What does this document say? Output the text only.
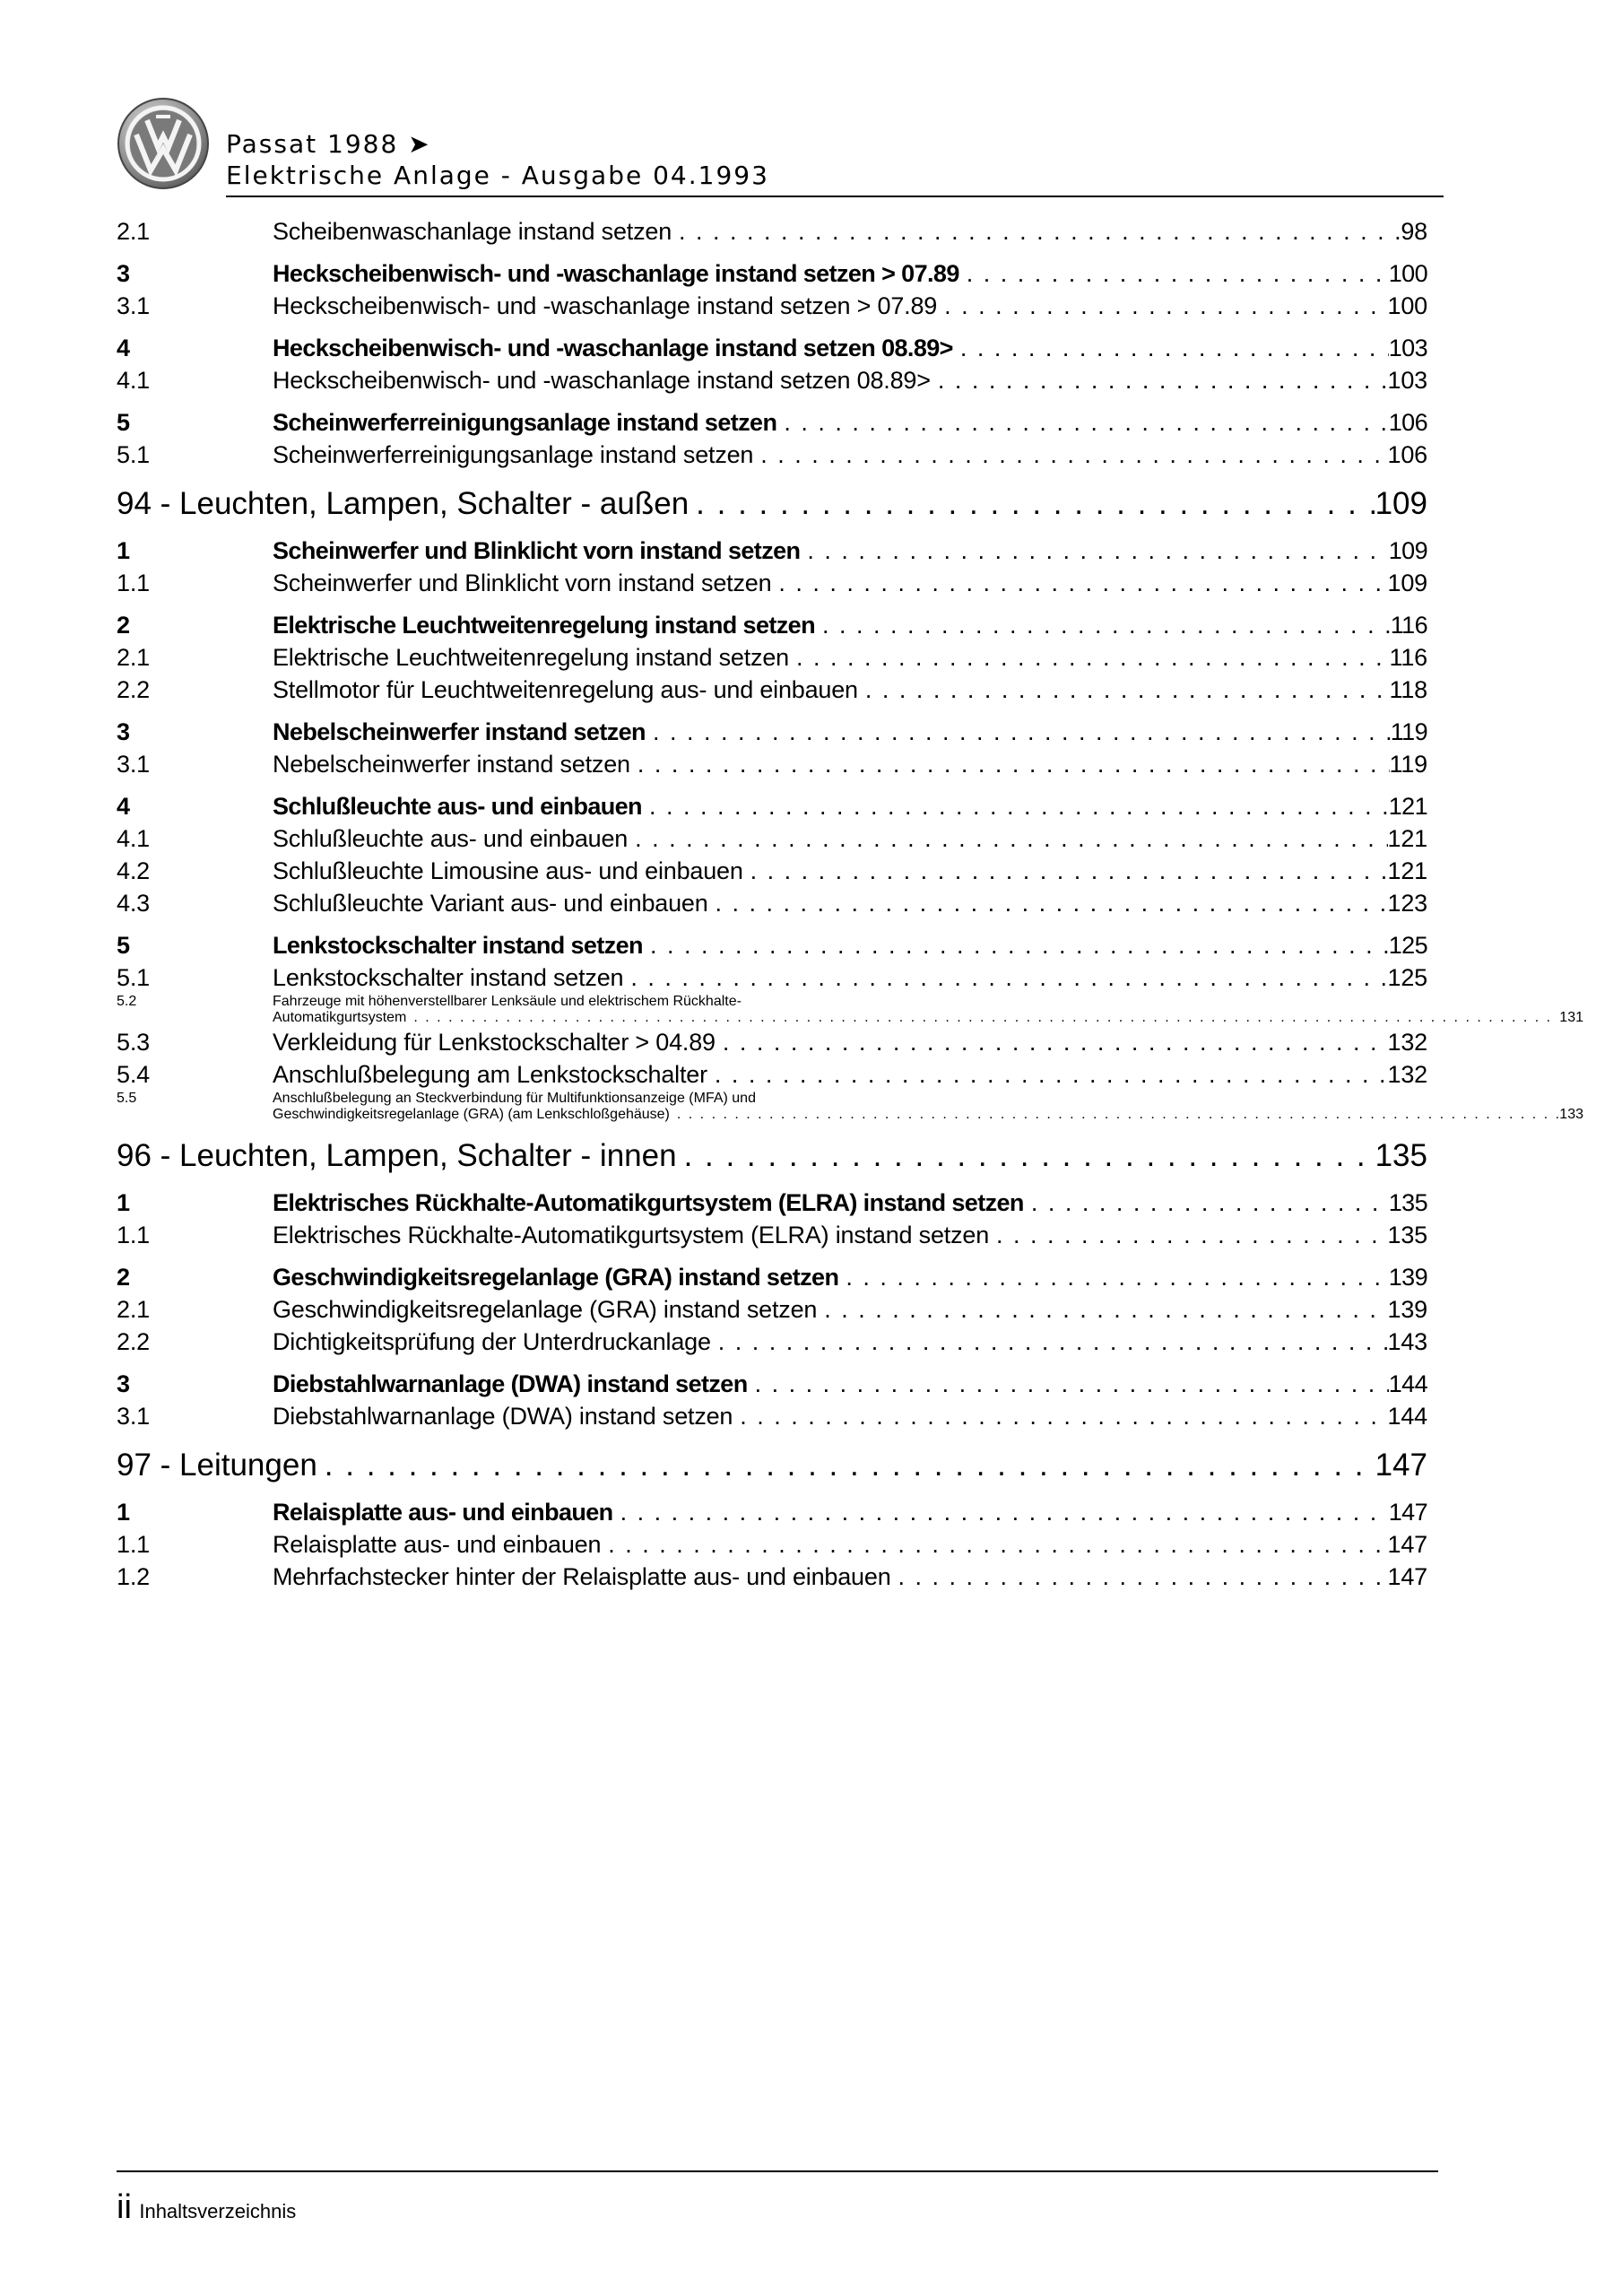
Passat 1988 ➤
Elektrische Anlage - Ausgabe 04.1993
2.1	Scheibenwaschanlage instand setzen . . .	98
3	Heckscheibenwisch- und -waschanlage instand setzen > 07.89 . . .	100
3.1	Heckscheibenwisch- und -waschanlage instand setzen > 07.89 . . .	100
4	Heckscheibenwisch- und -waschanlage instand setzen 08.89> . . .	103
4.1	Heckscheibenwisch- und -waschanlage instand setzen 08.89> . . .	103
5	Scheinwerferreinigungsanlage instand setzen . . .	106
5.1	Scheinwerferreinigungsanlage instand setzen . . .	106
94 - Leuchten, Lampen, Schalter - außen . . .	109
1	Scheinwerfer und Blinklicht vorn instand setzen . . .	109
1.1	Scheinwerfer und Blinklicht vorn instand setzen . . .	109
2	Elektrische Leuchtweitenregelung instand setzen . . .	116
2.1	Elektrische Leuchtweitenregelung instand setzen . . .	116
2.2	Stellmotor für Leuchtweitenregelung aus- und einbauen . . .	118
3	Nebelscheinwerfer instand setzen . . .	119
3.1	Nebelscheinwerfer instand setzen . . .	119
4	Schlußleuchte aus- und einbauen . . .	121
4.1	Schlußleuchte aus- und einbauen . . .	121
4.2	Schlußleuchte Limousine aus- und einbauen . . .	121
4.3	Schlußleuchte Variant aus- und einbauen . . .	123
5	Lenkstockschalter instand setzen . . .	125
5.1	Lenkstockschalter instand setzen . . .	125
5.2	Fahrzeuge mit höhenverstellbarer Lenksäule und elektrischem Rückhalte-
Automatikgurtsystem . . .	131
5.3	Verkleidung für Lenkstockschalter > 04.89 . . .	132
5.4	Anschlußbelegung am Lenkstockschalter . . .	132
5.5	Anschlußbelegung an Steckverbindung für Multifunktionsanzeige (MFA) und
Geschwindigkeitsregelanlage (GRA) (am Lenkschloßgehäuse) . . .	133
96 - Leuchten, Lampen, Schalter - innen . . .	135
1	Elektrisches Rückhalte-Automatikgurtsystem (ELRA) instand setzen . . .	135
1.1	Elektrisches Rückhalte-Automatikgurtsystem (ELRA) instand setzen . . .	135
2	Geschwindigkeitsregelanlage (GRA) instand setzen . . .	139
2.1	Geschwindigkeitsregelanlage (GRA) instand setzen . . .	139
2.2	Dichtigkeitsprüfung der Unterdruckanlage . . .	143
3	Diebstahlwarnanlage (DWA) instand setzen . . .	144
3.1	Diebstahlwarnanlage (DWA) instand setzen . . .	144
97 - Leitungen . . .	147
1	Relaisplatte aus- und einbauen . . .	147
1.1	Relaisplatte aus- und einbauen . . .	147
1.2	Mehrfachstecker hinter der Relaisplatte aus- und einbauen . . .	147
ii Inhaltsverzeichnis
